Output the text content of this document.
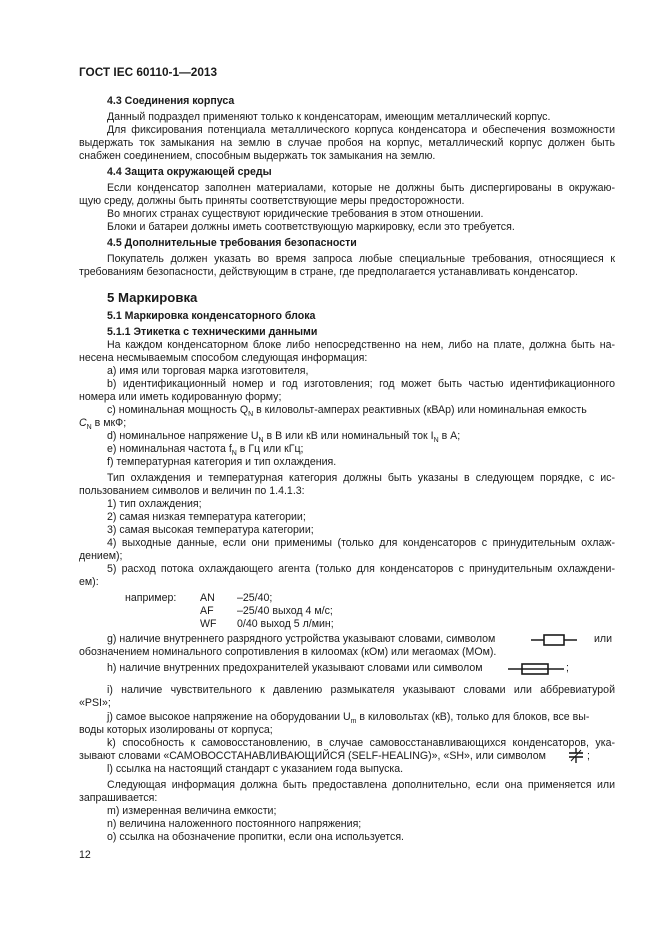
ГОСТ IEC 60110-1—2013
4.3 Соединения корпуса
Данный подраздел применяют только к конденсаторам, имеющим металлический корпус.
Для фиксирования потенциала металлического корпуса конденсатора и обеспечения возможности
выдержать ток замыкания на землю в случае пробоя на корпус, металлический корпус должен быть
снабжен соединением, способным выдержать ток замыкания на землю.
4.4 Защита окружающей среды
Если конденсатор заполнен материалами, которые не должны быть диспергированы в окружаю-
щую среду, должны быть приняты соответствующие меры предосторожности.
Во многих странах существуют юридические требования в этом отношении.
Блоки и батареи должны иметь соответствующую маркировку, если это требуется.
4.5 Дополнительные требования безопасности
Покупатель должен указать во время запроса любые специальные требования, относящиеся к
требованиям безопасности, действующим в стране, где предполагается устанавливать конденсатор.
5 Маркировка
5.1 Маркировка конденсаторного блока
5.1.1 Этикетка с техническими данными
На каждом конденсаторном блоке либо непосредственно на нем, либо на плате, должна быть на-
несена несмываемым способом следующая информация:
a) имя или торговая марка изготовителя,
b) идентификационный номер и год изготовления; год может быть частью идентификационного
номера или иметь кодированную форму;
c) номинальная мощность $Q_N$ в киловольт-амперах реактивных (кВАр) или номинальная емкость
$C_N$ в мкФ;
d) номинальное напряжение $U_N$ в В или кВ или номинальный ток $I_N$ в А;
e) номинальная частота $f_N$ в Гц или кГц;
f) температурная категория и тип охлаждения.
Тип охлаждения и температурная категория должны быть указаны в следующем порядке, с ис-
пользованием символов и величин по 1.4.1.3:
1) тип охлаждения;
2) самая низкая температура категории;
3) самая высокая температура категории;
4) выходные данные, если они применимы (только для конденсаторов с принудительным охлаж-
дением);
5) расход потока охлаждающего агента (только для конденсаторов с принудительным охлаждени-
ем):
например: AN –25/40;
AF –25/40 выход 4 м/с;
WF 0/40 выход 5 л/мин;
g) наличие внутреннего разрядного устройства указывают словами, символом	или
обозначением номинального сопротивления в килоомах (кОм) или мегаомах (МОм).
h) наличие внутренних предохранителей указывают словами или символом	;
i) наличие чувствительного к давлению размыкателя указывают словами или аббревиатурой
«PSI»;
j) самое высокое напряжение на оборудовании $U_m$ в киловольтах (кВ), только для блоков, все вы-
воды которых изолированы от корпуса;
k) способность к самовосстановлению, в случае самовосстанавливающихся конденсаторов, ука-
зывают словами «САМОВОССТАНАВЛИВАЮЩИЙСЯ (SELF-HEALING)», «SH», или символом	;
l) ссылка на настоящий стандарт с указанием года выпуска.
Следующая информация должна быть предоставлена дополнительно, если она применяется или
запрашивается:
m) измеренная величина емкости;
n) величина наложенного постоянного напряжения;
o) ссылка на обозначение пропитки, если она используется.
12
